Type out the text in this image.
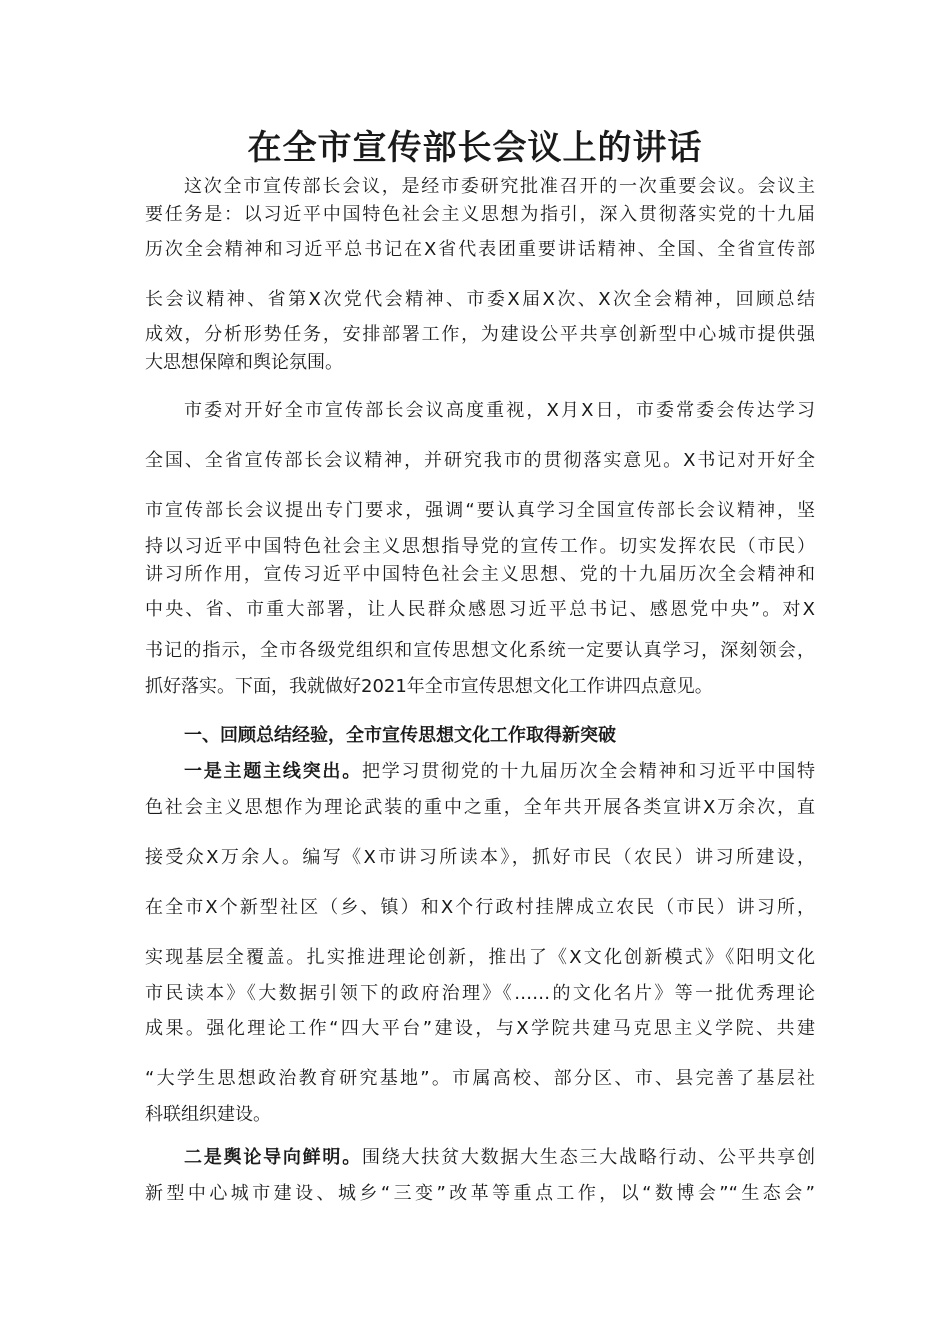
在全市宣传部长会议上的讲话

这次全市宣传部长会议，是经市委研究批准召开的一次重要会议。会议主

要任务是：以习近平中国特色社会主义思想为指引，深入贯彻落实党的十九届

历次全会精神和习近平总书记在X省代表团重要讲话精神、全国、全省宣传部

长会议精神、省第X次党代会精神、市委X届X次、X次全会精神，回顾总结

成效，分析形势任务，安排部署工作，为建设公平共享创新型中心城市提供强

大思想保障和舆论氛围。

市委对开好全市宣传部长会议高度重视，X月X日，市委常委会传达学习

全国、全省宣传部长会议精神，并研究我市的贯彻落实意见。X书记对开好全

市宣传部长会议提出专门要求，强调“要认真学习全国宣传部长会议精神，坚

持以习近平中国特色社会主义思想指导党的宣传工作。切实发挥农民（市民）

讲习所作用，宣传习近平中国特色社会主义思想、党的十九届历次全会精神和

中央、省、市重大部署，让人民群众感恩习近平总书记、感恩党中央”。对X

书记的指示，全市各级党组织和宣传思想文化系统一定要认真学习，深刻领会，

抓好落实。下面，我就做好2021年全市宣传思想文化工作讲四点意见。

一、回顾总结经验，全市宣传思想文化工作取得新突破

一是主题主线突出。把学习贯彻党的十九届历次全会精神和习近平中国特

色社会主义思想作为理论武装的重中之重，全年共开展各类宣讲X万余次，直

接受众X万余人。编写《X市讲习所读本》，抓好市民（农民）讲习所建设，

在全市X个新型社区（乡、镇）和X个行政村挂牌成立农民（市民）讲习所，

实现基层全覆盖。扎实推进理论创新，推出了《X文化创新模式》《阳明文化

市民读本》《大数据引领下的政府治理》《……的文化名片》等一批优秀理论

成果。强化理论工作“四大平台”建设，与X学院共建马克思主义学院、共建

“大学生思想政治教育研究基地”。市属高校、部分区、市、县完善了基层社

科联组织建设。

二是舆论导向鲜明。围绕大扶贫大数据大生态三大战略行动、公平共享创

新型中心城市建设、城乡“三变”改革等重点工作，以“数博会”“生态会”
